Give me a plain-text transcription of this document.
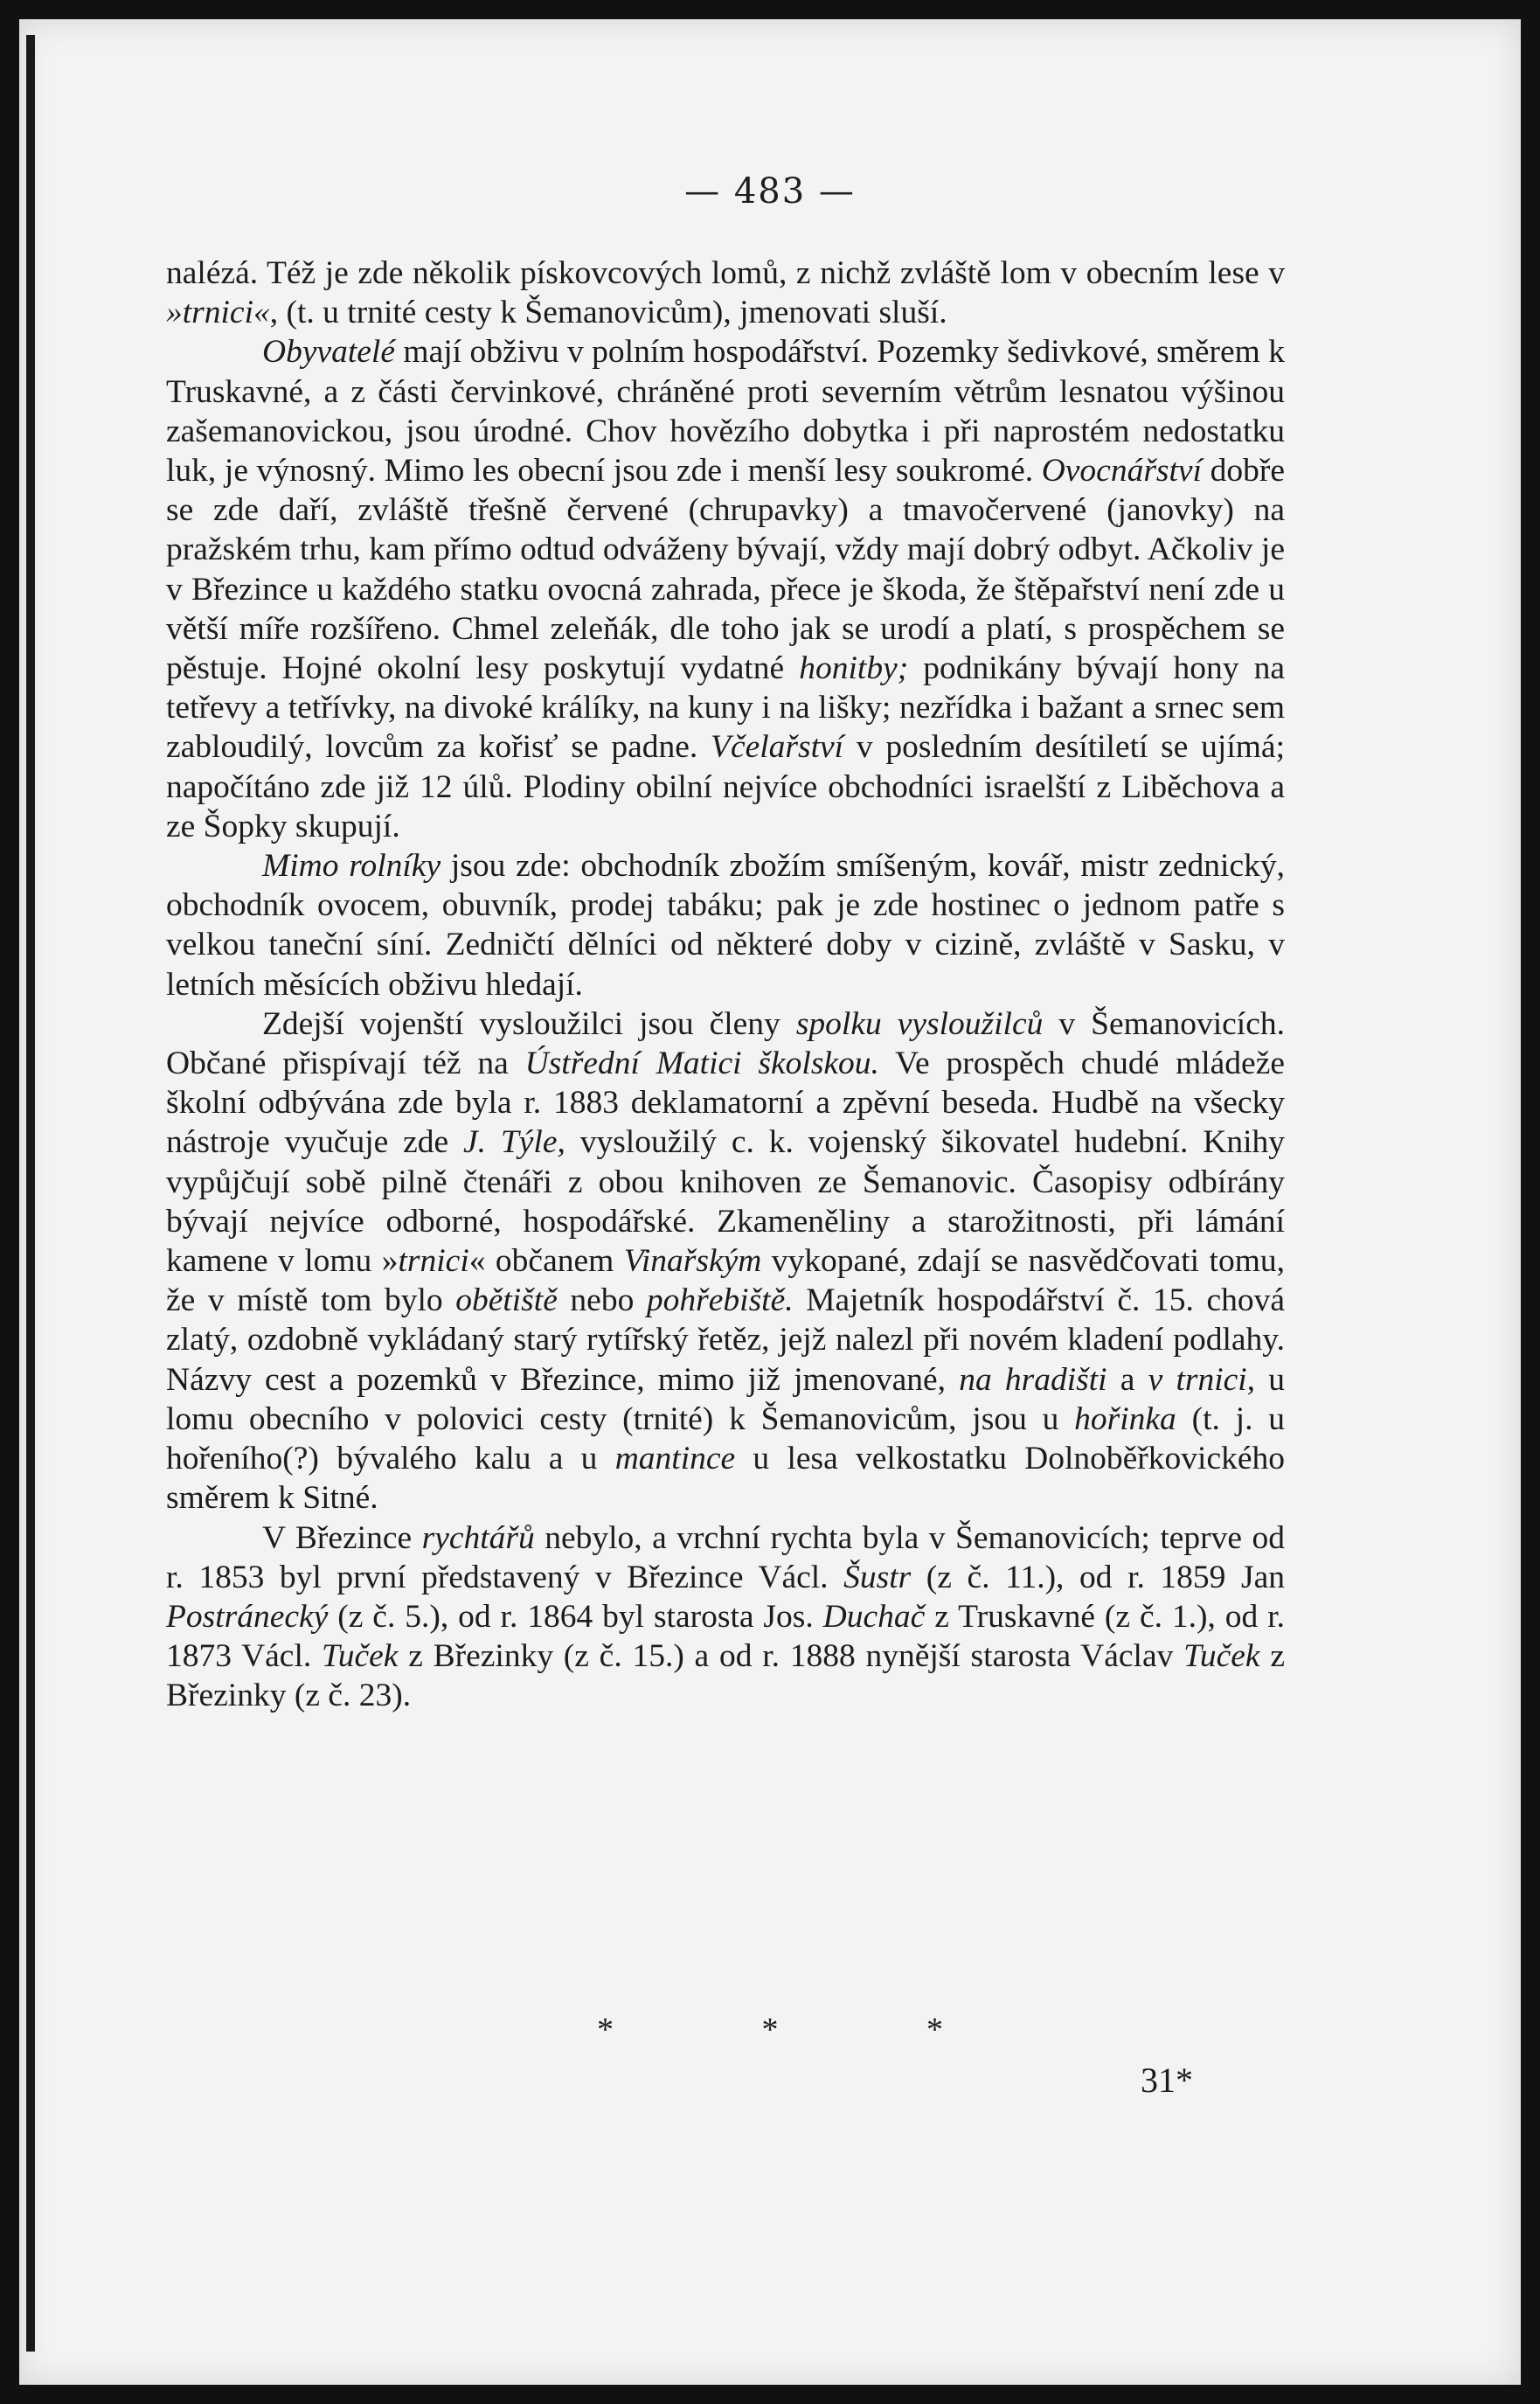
— 483 —

nalézá. Též je zde několik pískovcových lomů, z nichž zvláště lom v obecním lese v »trnici«, (t. u trnité cesty k Šemanovicům), jmenovati sluší.

Obyvatelé mají obživu v polním hospodářství. Pozemky šedivkové, směrem k Truskavné, a z části červinkové, chráněné proti severním větrům lesnatou výšinou zašemanovickou, jsou úrodné. Chov hovězího dobytka i při naprostém nedostatku luk, je výnosný. Mimo les obecní jsou zde i menší lesy soukromé. Ovocnářství dobře se zde daří, zvláště třešně červené (chrupavky) a tmavočervené (janovky) na pražském trhu, kam přímo odtud odváženy bývají, vždy mají dobrý odbyt. Ačkoliv je v Březince u každého statku ovocná zahrada, přece je škoda, že štěpařství není zde u větší míře rozšířeno. Chmel zeleňák, dle toho jak se urodí a platí, s prospěchem se pěstuje. Hojné okolní lesy poskytují vydatné honitby; podnikány bývají hony na tetřevy a tetřívky, na divoké králíky, na kuny i na lišky; nezřídka i bažant a srnec sem zabloudilý, lovcům za kořisť se padne. Včelařství v posledním desítiletí se ujímá; napočítáno zde již 12 úlů. Plodiny obilní nejvíce obchodníci israelští z Liběchova a ze Šopky skupují.

Mimo rolníky jsou zde: obchodník zbožím smíšeným, kovář, mistr zednický, obchodník ovocem, obuvník, prodej tabáku; pak je zde hostinec o jednom patře s velkou taneční síní. Zedničtí dělníci od některé doby v cizině, zvláště v Sasku, v letních měsících obživu hledají.

Zdejší vojenští vysloužilci jsou členy spolku vysloužilců v Šemanovicích. Občané přispívají též na Ústřední Matici školskou. Ve prospěch chudé mládeže školní odbývána zde byla r. 1883 deklamatorní a zpěvní beseda. Hudbě na všecky nástroje vyučuje zde J. Týle, vysloužilý c. k. vojenský šikovatel hudební. Knihy vypůjčují sobě pilně čtenáři z obou knihoven ze Šemanovic. Časopisy odbírány bývají nejvíce odborné, hospodářské. Zkameněliny a starožitnosti, při lámání kamene v lomu »trnici« občanem Vinařským vykopané, zdají se nasvědčovati tomu, že v místě tom bylo obětiště nebo pohřebiště. Majetník hospodářství č. 15. chová zlatý, ozdobně vykládaný starý rytířský řetěz, jejž nalezl při novém kladení podlahy. Názvy cest a pozemků v Březince, mimo již jmenované, na hradišti a v trnici, u lomu obecního v polovici cesty (trnité) k Šemanovicům, jsou u hořinka (t. j. u hořeního(?) bývalého kalu a u mantince u lesa velkostatku Dolnoběřkovického směrem k Sitné.

V Březince rychtářů nebylo, a vrchní rychta byla v Šemanovicích; teprve od r. 1853 byl první představený v Březince Václ. Šustr (z č. 11.), od r. 1859 Jan Postránecký (z č. 5.), od r. 1864 byl starosta Jos. Duchač z Truskavné (z č. 1.), od r. 1873 Václ. Tuček z Březinky (z č. 15.) a od r. 1888 nynější starosta Václav Tuček z Březinky (z č. 23).

* * *
31*
